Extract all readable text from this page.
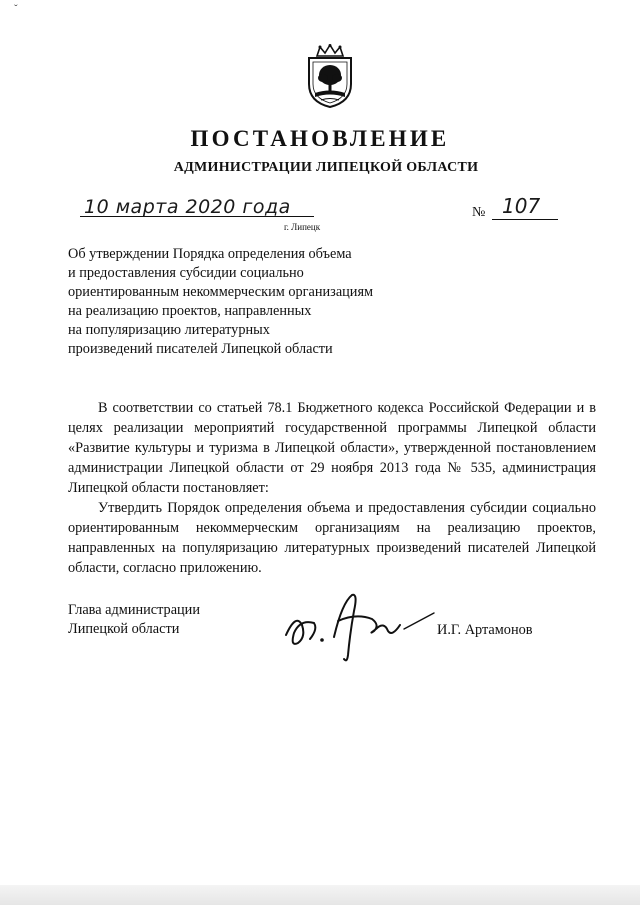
ˇ
ПОСТАНОВЛЕНИЕ
АДМИНИСТРАЦИИ ЛИПЕЦКОЙ ОБЛАСТИ
10 марта 2020 года
г. Липецк
№ 107
Об утверждении Порядка определения объема
и предоставления субсидии социально
ориентированным некоммерческим организациям
на реализацию проектов, направленных
на популяризацию литературных
произведений писателей Липецкой области

В соответствии со статьей 78.1 Бюджетного кодекса Российской Федерации и в целях реализации мероприятий государственной программы Липецкой области «Развитие культуры и туризма в Липецкой области», утвержденной постановлением администрации Липецкой области от 29 ноября 2013 года № 535, администрация Липецкой области постановляет:

Утвердить Порядок определения объема и предоставления субсидии социально ориентированным некоммерческим организациям на реализацию проектов, направленных на популяризацию литературных произведений писателей Липецкой области, согласно приложению.

Глава администрации
Липецкой области	И.Г. Артамонов
